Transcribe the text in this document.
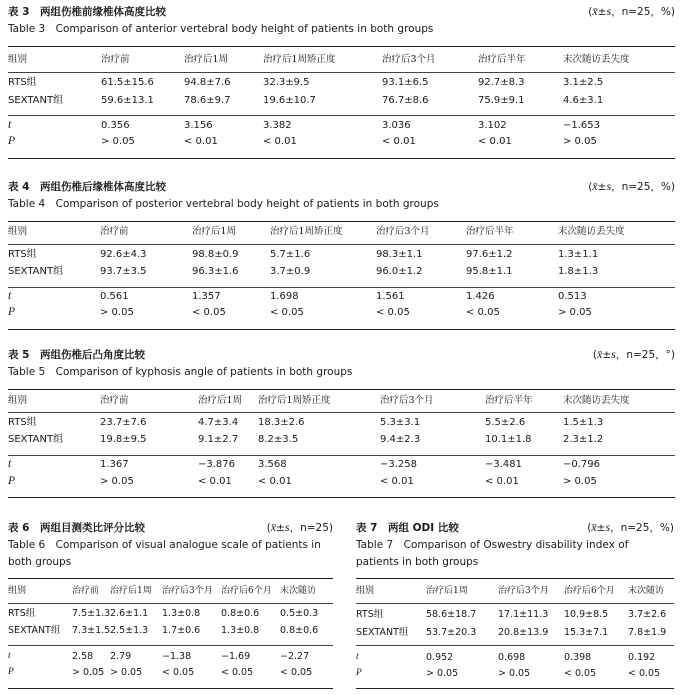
表 3　两组伤椎前缘椎体高度比较	(x̄±s，n=25，%)
Table 3　Comparison of anterior vertebral body height of patients in both groups
组别	治疗前	治疗后1周	治疗后1周矫正度	治疗后3个月	治疗后半年	末次随访丢失度
RTS组	61.5±15.6	94.8±7.6	32.3±9.5	93.1±6.5	92.7±8.3	3.1±2.5
SEXTANT组	59.6±13.1	78.6±9.7	19.6±10.7	76.7±8.6	75.9±9.1	4.6±3.1
t	0.356	3.156	3.382	3.036	3.102	−1.653
P	> 0.05	< 0.01	< 0.01	< 0.01	< 0.01	> 0.05
表 4　两组伤椎后缘椎体高度比较	(x̄±s，n=25，%)
Table 4　Comparison of posterior vertebral body height of patients in both groups
组别	治疗前	治疗后1周	治疗后1周矫正度	治疗后3个月	治疗后半年	末次随访丢失度
RTS组	92.6±4.3	98.8±0.9	5.7±1.6	98.3±1.1	97.6±1.2	1.3±1.1
SEXTANT组	93.7±3.5	96.3±1.6	3.7±0.9	96.0±1.2	95.8±1.1	1.8±1.3
t	0.561	1.357	1.698	1.561	1.426	0.513
P	> 0.05	< 0.05	< 0.05	< 0.05	< 0.05	> 0.05
表 5　两组伤椎后凸角度比较	(x̄±s，n=25，°)
Table 5　Comparison of kyphosis angle of patients in both groups
组别	治疗前	治疗后1周 治疗后1周矫正度	治疗后3个月	治疗后半年	末次随访丢失度
RTS组	23.7±7.6	4.7±3.4 18.3±2.6	5.3±3.1	5.5±2.6	1.5±1.3
SEXTANT组	19.8±9.5	9.1±2.7 8.2±3.5	9.4±2.3	10.1±1.8	2.3±1.2
t	1.367	−3.876 3.568	−3.258	−3.481	−0.796
P	> 0.05	< 0.01	< 0.01	< 0.01	< 0.01	> 0.05
表 6　两组目测类比评分比较	(x̄±s，n=25)
Table 6　Comparison of visual analogue scale of patients in both groups
组别	治疗前 治疗后1周 治疗后3个月 治疗后6个月 末次随访
RTS组	7.5±1.3 2.6±1.1 1.3±0.8 0.8±0.6 0.5±0.3
SEXTANT组 7.3±1.5 2.5±1.3 1.7±0.6 1.3±0.8 0.8±0.6
t	2.58 2.79	−1.38	−1.69	−2.27
P	> 0.05 > 0.05 < 0.05	< 0.05	< 0.05
表 7　两组 ODI 比较	(x̄±s，n=25，%)
Table 7　Comparison of Oswestry disability index of patients in both groups
组别	治疗后1周	治疗后3个月 治疗后6个月 末次随访
RTS组	58.6±18.7 17.1±11.3 10.9±8.5 3.7±2.6
SEXTANT组 53.7±20.3 20.8±13.9 15.3±7.1 7.8±1.9
t	0.952	0.698	0.398	0.192
P	> 0.05	> 0.05	< 0.05	< 0.05
